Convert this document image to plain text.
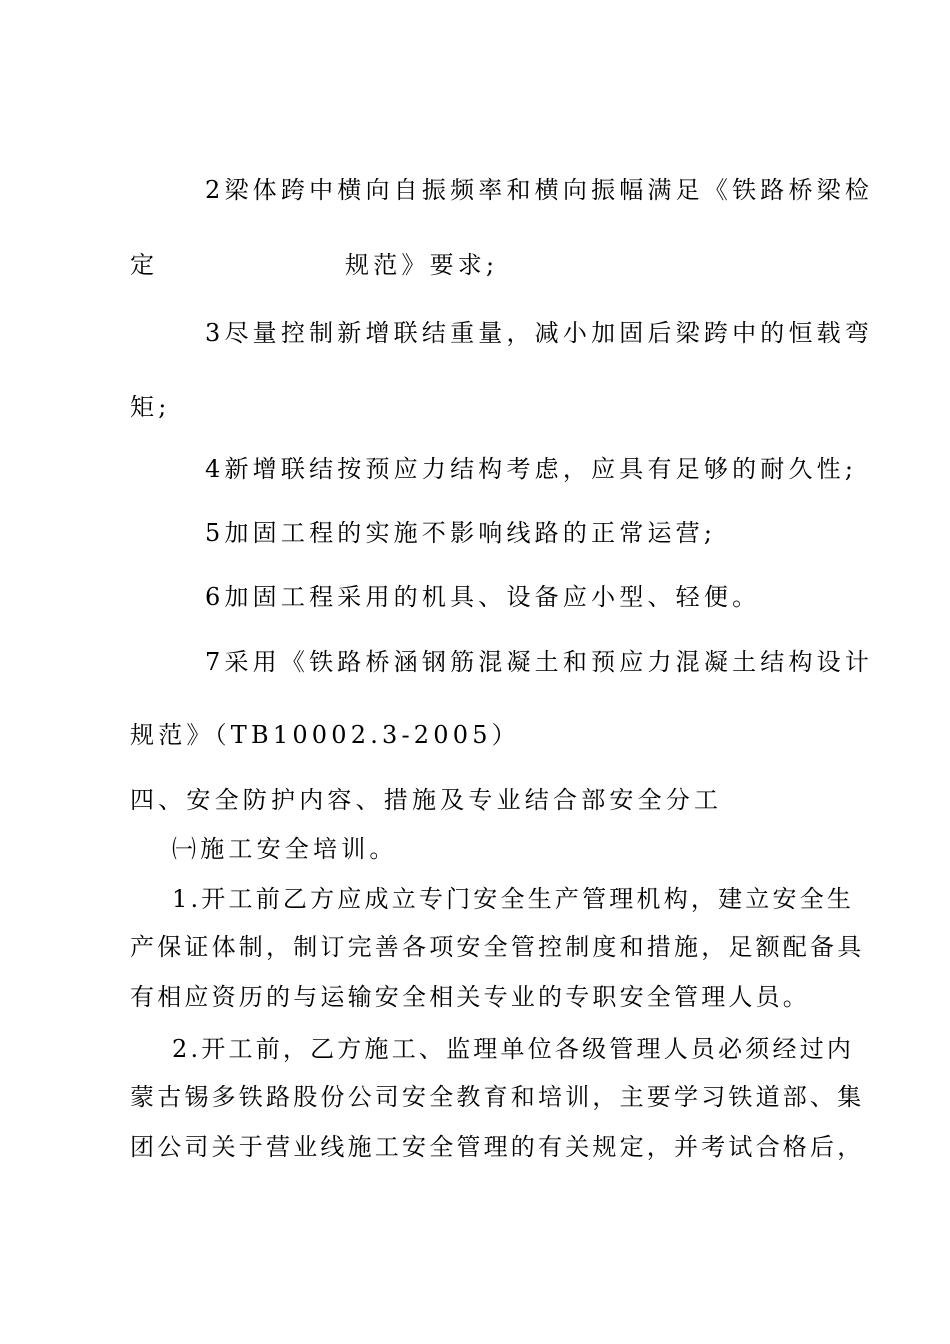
2梁体跨中横向自振频率和横向振幅满足《铁路桥梁检
定	规范》要求;
3尽量控制新增联结重量，减小加固后梁跨中的恒载弯
矩;
4新增联结按预应力结构考虑，应具有足够的耐久性;
5加固工程的实施不影响线路的正常运营;
6加固工程采用的机具、设备应小型、轻便。
7采用《铁路桥涵钢筋混凝土和预应力混凝土结构设计
规范》（TB10002.3-2005）
四、安全防护内容、措施及专业结合部安全分工
㈠施工安全培训。
1.开工前乙方应成立专门安全生产管理机构，建立安全生
产保证体制，制订完善各项安全管控制度和措施，足额配备具
有相应资历的与运输安全相关专业的专职安全管理人员。
2.开工前，乙方施工、监理单位各级管理人员必须经过内
蒙古锡多铁路股份公司安全教育和培训，主要学习铁道部、集
团公司关于营业线施工安全管理的有关规定，并考试合格后，
